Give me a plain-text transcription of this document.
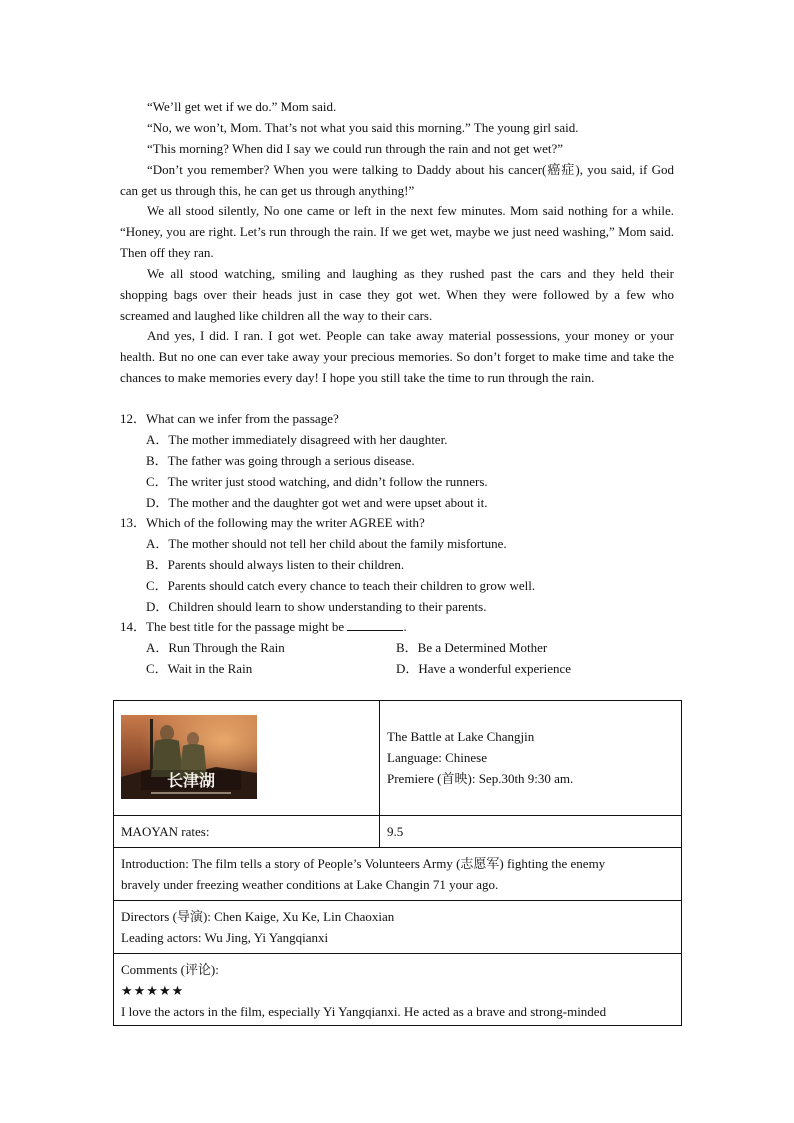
“We’ll get wet if we do.” Mom said.

“No, we won’t, Mom. That’s not what you said this morning.” The young girl said.

“This morning? When did I say we could run through the rain and not get wet?”

“Don’t you remember? When you were talking to Daddy about his cancer(癌症), you said, if God can get us through this, he can get us through anything!”

We all stood silently, No one came or left in the next few minutes. Mom said nothing for a while. “Honey, you are right. Let’s run through the rain. If we get wet, maybe we just need washing,” Mom said. Then off they ran.

We all stood watching, smiling and laughing as they rushed past the cars and they held their shopping bags over their heads just in case they got wet. When they were followed by a few who screamed and laughed like children all the way to their cars.

And yes, I did. I ran. I got wet. People can take away material possessions, your money or your health. But no one can ever take away your precious memories. So don’t forget to make time and take the chances to make memories every day! I hope you still take the time to run through the rain.

12．What can we infer from the passage?
A．The mother immediately disagreed with her daughter.
B．The father was going through a serious disease.
C．The writer just stood watching, and didn’t follow the runners.
D．The mother and the daughter got wet and were upset about it.
13．Which of the following may the writer AGREE with?
A．The mother should not tell her child about the family misfortune.
B．Parents should always listen to their children.
C．Parents should catch every chance to teach their children to grow well.
D．Children should learn to show understanding to their parents.
14．The best title for the passage might be	.
A．Run Through the Rain	B．Be a Determined Mother
C．Wait in the Rain	D．Have a wonderful experience
长津湖	The Battle at Lake Changjin
Language: Chinese
Premiere (首映): Sep.30th 9:30 am.

MAOYAN rates:	9.5

Introduction: The film tells a story of People’s Volunteers Army (志愿军) fighting the enemy
bravely under freezing weather conditions at Lake Changin 71 your ago.	

Directors (导演): Chen Kaige, Xu Ke, Lin Chaoxian
Leading actors: Wu Jing, Yi Yangqianxi	

Comments (评论):
★★★★★
I love the actors in the film, especially Yi Yangqianxi. He acted as a brave and strong-minded	
